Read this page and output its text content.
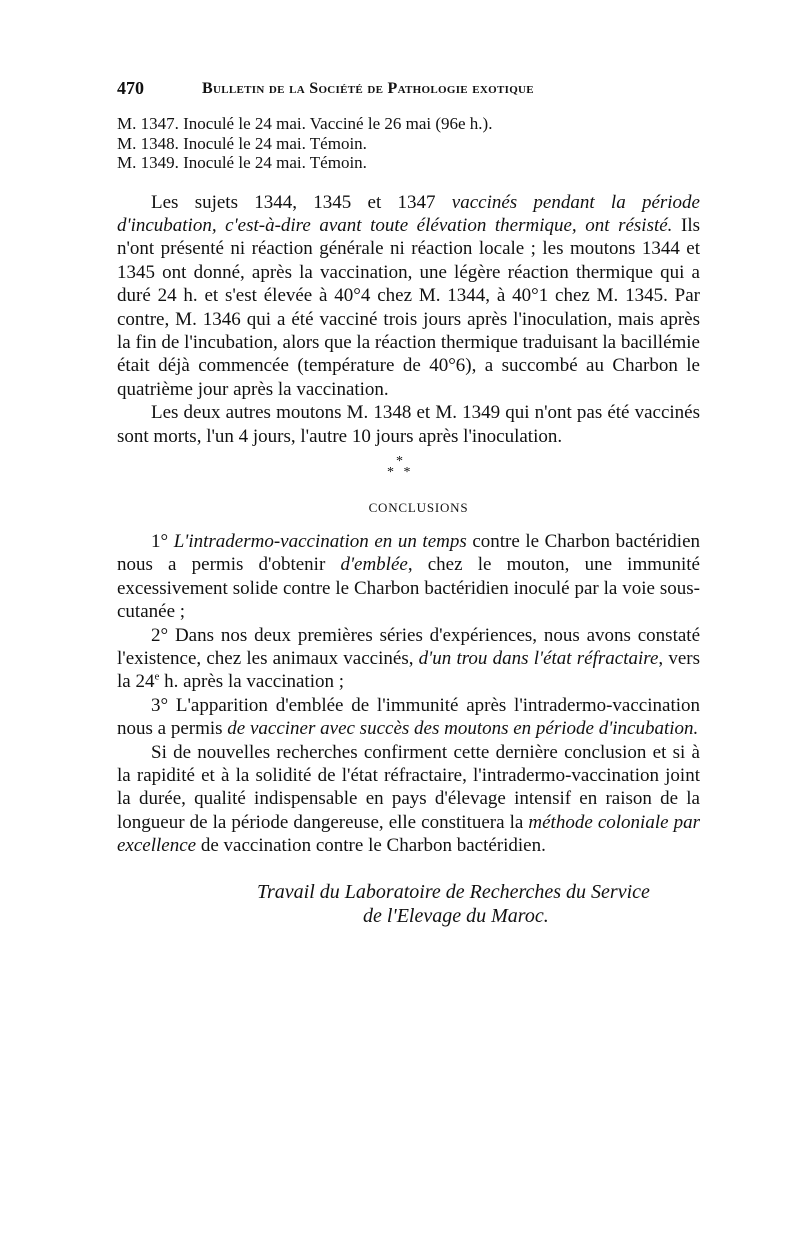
470	Bulletin de la Société de Pathologie exotique
M. 1347. Inoculé le 24 mai. Vacciné le 26 mai (96e h.).
M. 1348. Inoculé le 24 mai. Témoin.
M. 1349. Inoculé le 24 mai. Témoin.

Les sujets 1344, 1345 et 1347 vaccinés pendant la période d'incubation, c'est-à-dire avant toute élévation thermique, ont résisté. Ils n'ont présenté ni réaction générale ni réaction locale ; les moutons 1344 et 1345 ont donné, après la vaccination, une légère réaction thermique qui a duré 24 h. et s'est élevée à 40°4 chez M. 1344, à 40°1 chez M. 1345. Par contre, M. 1346 qui a été vacciné trois jours après l'inoculation, mais après la fin de l'incubation, alors que la réaction thermique traduisant la bacillémie était déjà commencée (température de 40°6), a succombé au Charbon le quatrième jour après la vaccination.

Les deux autres moutons M. 1348 et M. 1349 qui n'ont pas été vaccinés sont morts, l'un 4 jours, l'autre 10 jours après l'inoculation.

*
* *
CONCLUSIONS

1° L'intradermo-vaccination en un temps contre le Charbon bactéridien nous a permis d'obtenir d'emblée, chez le mouton, une immunité excessivement solide contre le Charbon bactéridien inoculé par la voie sous-cutanée ;

2° Dans nos deux premières séries d'expériences, nous avons constaté l'existence, chez les animaux vaccinés, d'un trou dans l'état réfractaire, vers la 24e h. après la vaccination ;

3° L'apparition d'emblée de l'immunité après l'intradermo-vaccination nous a permis de vacciner avec succès des moutons en période d'incubation.

Si de nouvelles recherches confirment cette dernière conclusion et si à la rapidité et à la solidité de l'état réfractaire, l'intradermo-vaccination joint la durée, qualité indispensable en pays d'élevage intensif en raison de la longueur de la période dangereuse, elle constituera la méthode coloniale par excellence de vaccination contre le Charbon bactéridien.

Travail du Laboratoire de Recherches du Service
de l'Elevage du Maroc.
